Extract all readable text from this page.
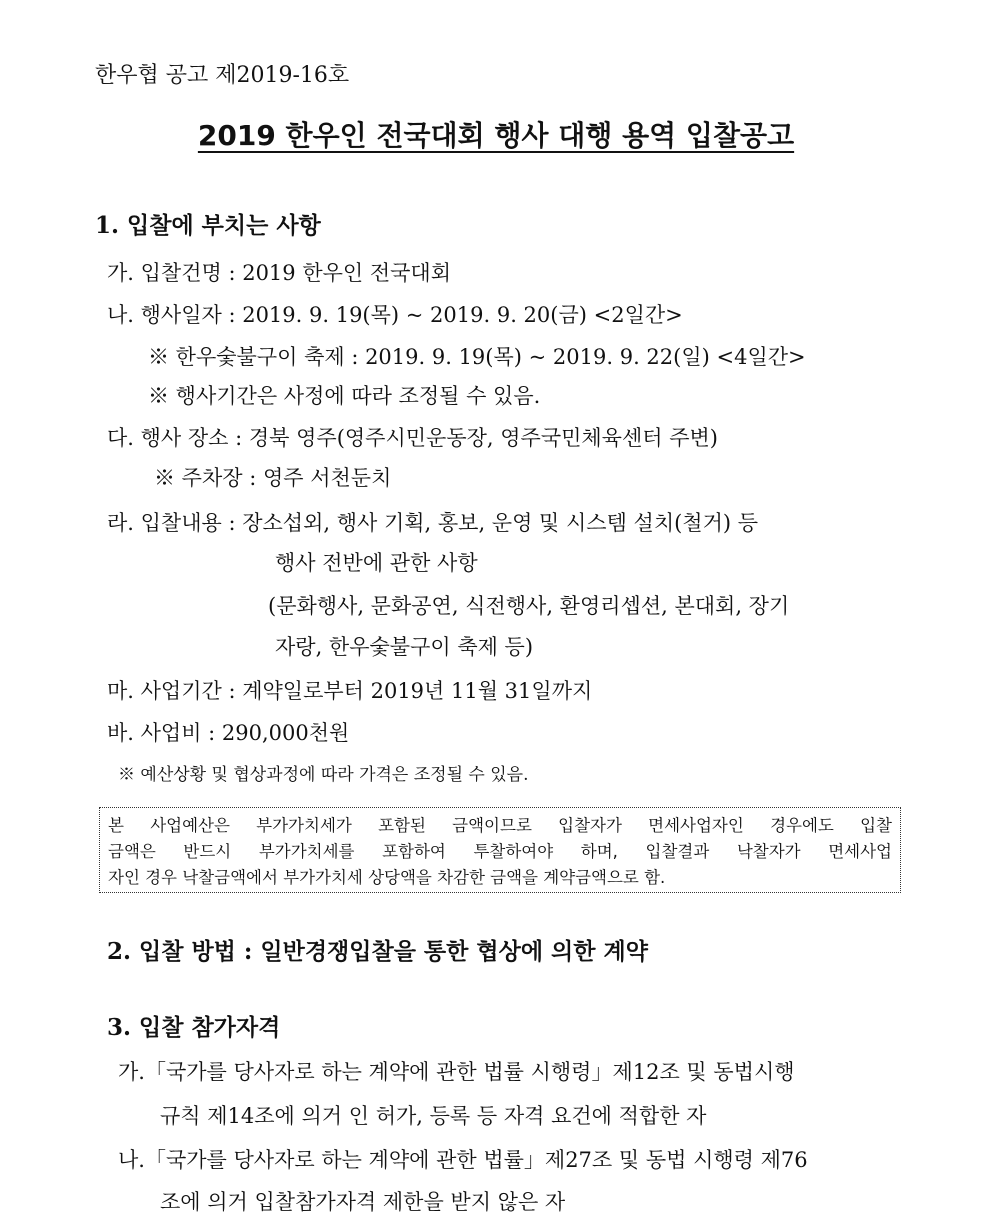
한우협 공고 제2019-16호
2019 한우인 전국대회 행사 대행 용역 입찰공고
1. 입찰에 부치는 사항
가. 입찰건명 : 2019 한우인 전국대회
나. 행사일자 : 2019. 9. 19(목) ~ 2019. 9. 20(금) <2일간>
※ 한우숯불구이 축제 : 2019. 9. 19(목) ~ 2019. 9. 22(일) <4일간>
※ 행사기간은 사정에 따라 조정될 수 있음.
다. 행사 장소 : 경북 영주(영주시민운동장, 영주국민체육센터 주변)
※ 주차장 : 영주 서천둔치
라. 입찰내용 : 장소섭외, 행사 기획, 홍보, 운영 및 시스템 설치(철거) 등
행사 전반에 관한 사항
(문화행사, 문화공연, 식전행사, 환영리셉션, 본대회, 장기
자랑, 한우숯불구이 축제 등)
마. 사업기간 : 계약일로부터 2019년 11월 31일까지
바. 사업비 : 290,000천원
※ 예산상황 및 협상과정에 따라 가격은 조정될 수 있음.
본 사업예산은 부가가치세가 포함된 금액이므로 입찰자가 면세사업자인 경우에도 입찰
금액은 반드시 부가가치세를 포함하여 투찰하여야 하며, 입찰결과 낙찰자가 면세사업
자인 경우 낙찰금액에서 부가가치세 상당액을 차감한 금액을 계약금액으로 함.
2. 입찰 방법 : 일반경쟁입찰을 통한 협상에 의한 계약
3. 입찰 참가자격
가.「국가를 당사자로 하는 계약에 관한 법률 시행령」제12조 및 동법시행
규칙 제14조에 의거 인 허가, 등록 등 자격 요건에 적합한 자
나.「국가를 당사자로 하는 계약에 관한 법률」제27조 및 동법 시행령 제76
조에 의거 입찰참가자격 제한을 받지 않은 자
